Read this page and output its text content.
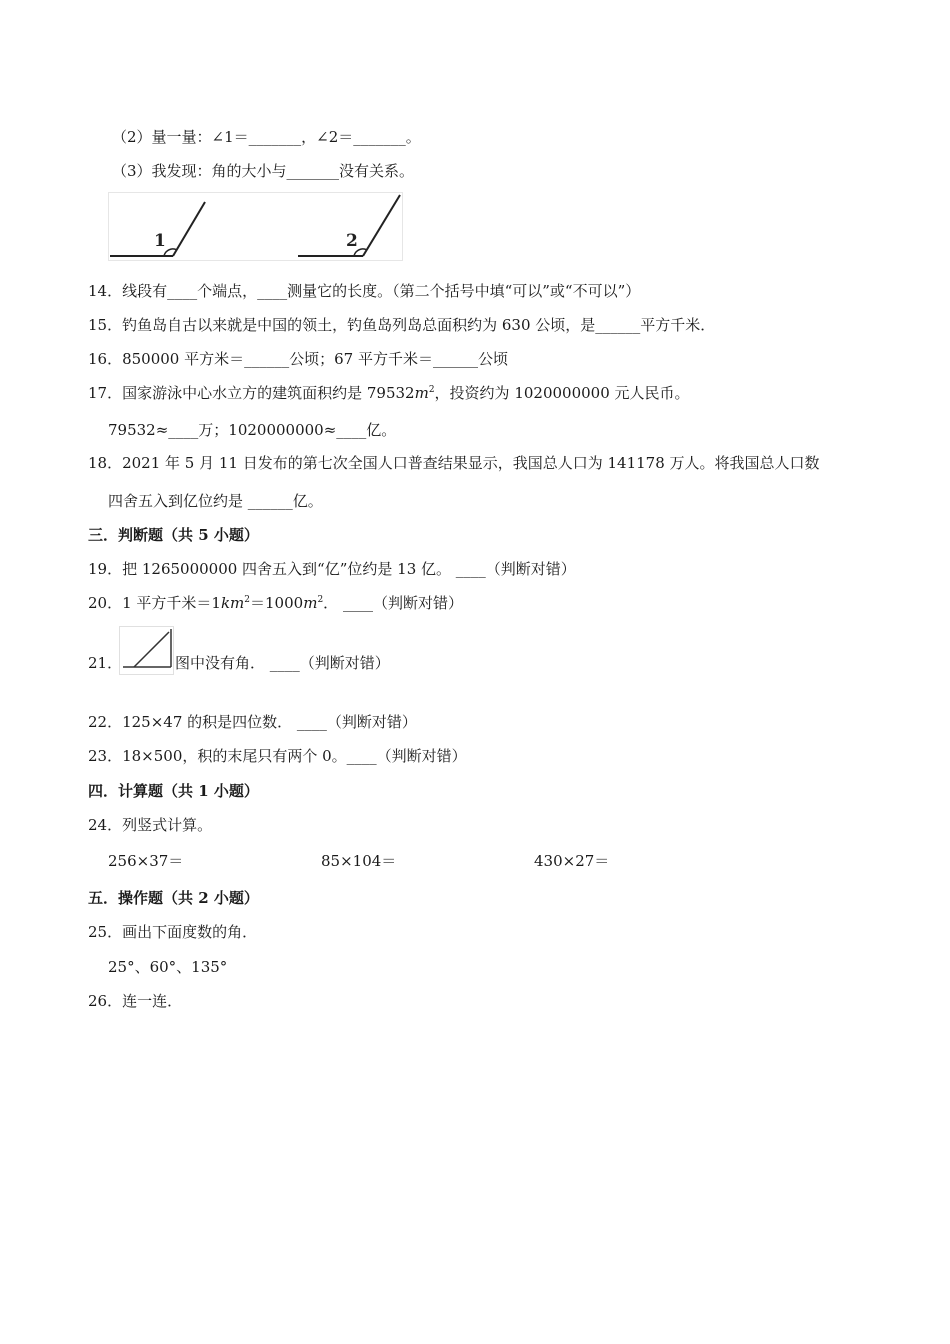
（2）量一量：∠1＝_______，∠2＝_______。
（3）我发现：角的大小与_______没有关系。
1	2
14．线段有____个端点，____测量它的长度。（第二个括号中填“可以”或“不可以”）
15．钓鱼岛自古以来就是中国的领土，钓鱼岛列岛总面积约为 630 公顷，是______平方千米．
16．850000 平方米＝______公顷；67 平方千米＝______公顷
17．国家游泳中心水立方的建筑面积约是 $79532m^2$，投资约为 1020000000 元人民币。
79532≈____万；1020000000≈____亿。
18．2021 年 5 月 11 日发布的第七次全国人口普查结果显示，我国总人口为 141178 万人。将我国总人口数
四舍五入到亿位约是 ______亿。
三．判断题（共 5 小题）
19．把 1265000000 四舍五入到“亿”位约是 13 亿。 ____（判断对错）
20．1 平方千米$=1km^2=1000m^2$． ____（判断对错）
21．	图中没有角． ____（判断对错）
22．125×47 的积是四位数． ____（判断对错）
23．18×500，积的末尾只有两个 0。____（判断对错）
四．计算题（共 1 小题）
24．列竖式计算。
256×37＝	85×104＝	430×27＝
五．操作题（共 2 小题）
25．画出下面度数的角．
25°、60°、135°
26．连一连．
